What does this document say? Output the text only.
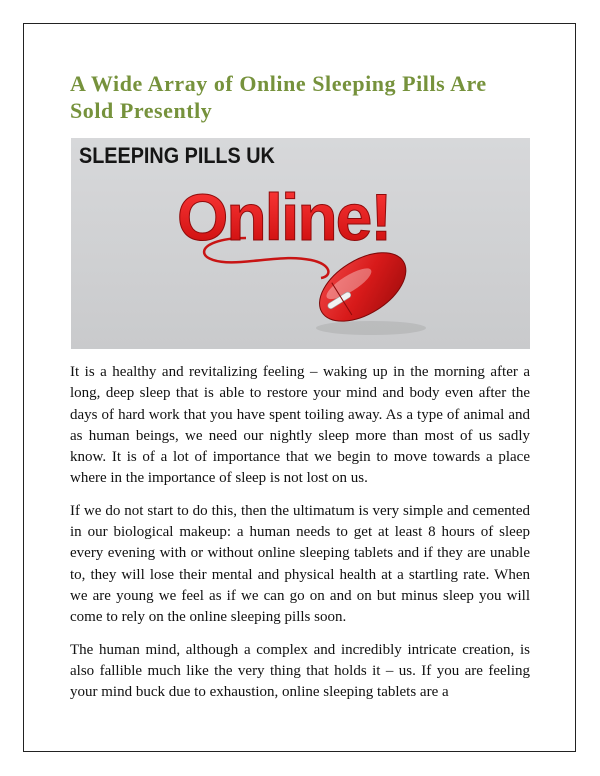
A Wide Array of Online Sleeping Pills Are Sold Presently

SLEEPING PILLS UK

Online!

It is a healthy and revitalizing feeling – waking up in the morning after a long, deep sleep that is able to restore your mind and body even after the days of hard work that you have spent toiling away. As a type of animal and as human beings, we need our nightly sleep more than most of us sadly know. It is of a lot of importance that we begin to move towards a place where in the importance of sleep is not lost on us.

If we do not start to do this, then the ultimatum is very simple and cemented in our biological makeup: a human needs to get at least 8 hours of sleep every evening with or without online sleeping tablets and if they are unable to, they will lose their mental and physical health at a startling rate. When we are young we feel as if we can go on and on but minus sleep you will come to rely on the online sleeping pills soon.

The human mind, although a complex and incredibly intricate creation, is also fallible much like the very thing that holds it – us. If you are feeling your mind buck due to exhaustion, online sleeping tablets are a
